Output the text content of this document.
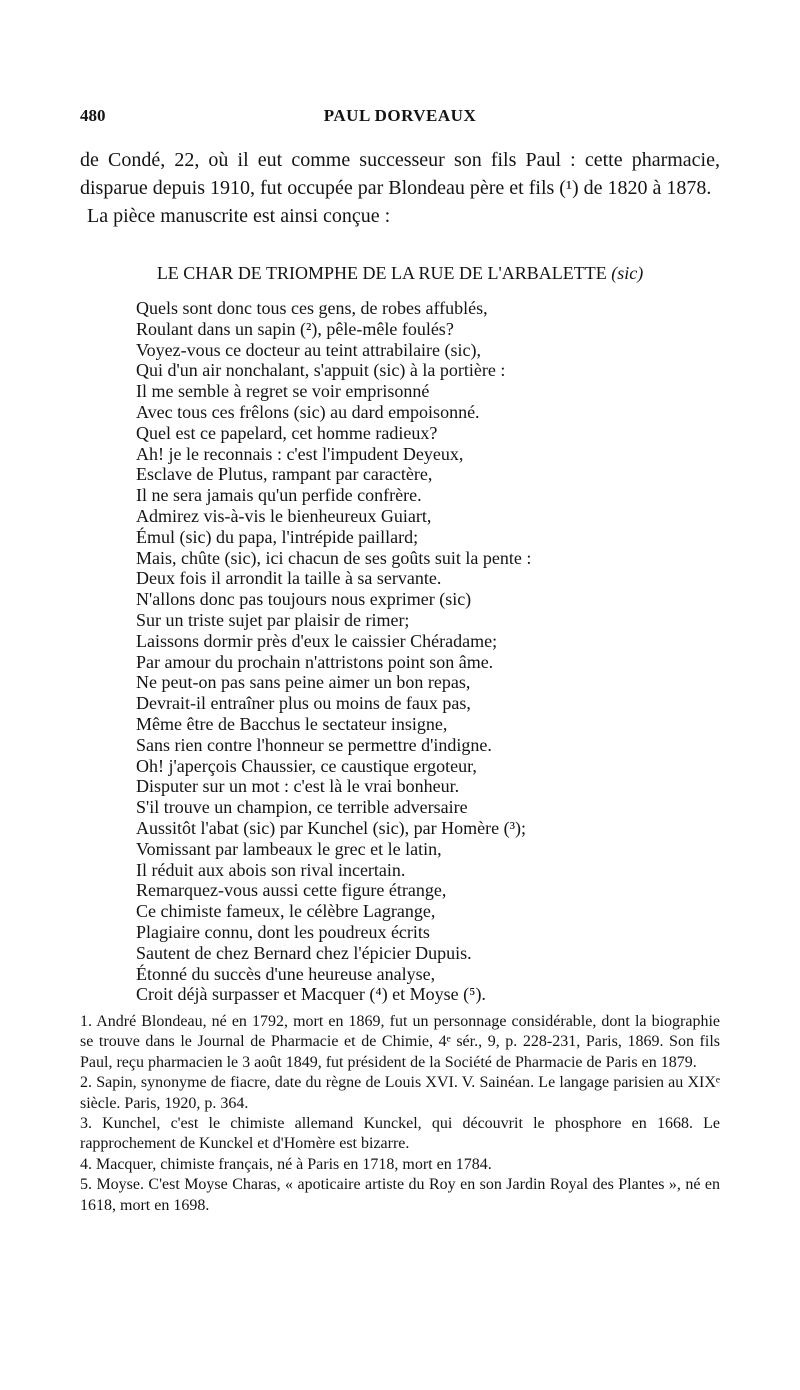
480	PAUL DORVEAUX

de Condé, 22, où il eut comme successeur son fils Paul : cette pharmacie, disparue depuis 1910, fut occupée par Blondeau père et fils (¹) de 1820 à 1878.

La pièce manuscrite est ainsi conçue :

LE CHAR DE TRIOMPHE DE LA RUE DE L'ARBALETTE (sic)
Quels sont donc tous ces gens, de robes affublés,
Roulant dans un sapin (²), pêle-mêle foulés?
Voyez-vous ce docteur au teint attrabilaire (sic),
Qui d'un air nonchalant, s'appuit (sic) à la portière :
Il me semble à regret se voir emprisonné
Avec tous ces frêlons (sic) au dard empoisonné.
Quel est ce papelard, cet homme radieux?
Ah! je le reconnais : c'est l'impudent Deyeux,
Esclave de Plutus, rampant par caractère,
Il ne sera jamais qu'un perfide confrère.
Admirez vis-à-vis le bienheureux Guiart,
Émul (sic) du papa, l'intrépide paillard;
Mais, chûte (sic), ici chacun de ses goûts suit la pente :
Deux fois il arrondit la taille à sa servante.
N'allons donc pas toujours nous exprimer (sic)
Sur un triste sujet par plaisir de rimer;
Laissons dormir près d'eux le caissier Chéradame;
Par amour du prochain n'attristons point son âme.
Ne peut-on pas sans peine aimer un bon repas,
Devrait-il entraîner plus ou moins de faux pas,
Même être de Bacchus le sectateur insigne,
Sans rien contre l'honneur se permettre d'indigne.
Oh! j'aperçois Chaussier, ce caustique ergoteur,
Disputer sur un mot : c'est là le vrai bonheur.
S'il trouve un champion, ce terrible adversaire
Aussitôt l'abat (sic) par Kunchel (sic), par Homère (³);
Vomissant par lambeaux le grec et le latin,
Il réduit aux abois son rival incertain.
Remarquez-vous aussi cette figure étrange,
Ce chimiste fameux, le célèbre Lagrange,
Plagiaire connu, dont les poudreux écrits
Sautent de chez Bernard chez l'épicier Dupuis.
Étonné du succès d'une heureuse analyse,
Croit déjà surpasser et Macquer (⁴) et Moyse (⁵).

1. André Blondeau, né en 1792, mort en 1869, fut un personnage considérable, dont la biographie se trouve dans le Journal de Pharmacie et de Chimie, 4ᵉ sér., 9, p. 228-231, Paris, 1869. Son fils Paul, reçu pharmacien le 3 août 1849, fut président de la Société de Pharmacie de Paris en 1879.

2. Sapin, synonyme de fiacre, date du règne de Louis XVI. V. Sainéan. Le langage parisien au XIXᵉ siècle. Paris, 1920, p. 364.

3. Kunchel, c'est le chimiste allemand Kunckel, qui découvrit le phosphore en 1668. Le rapprochement de Kunckel et d'Homère est bizarre.

4. Macquer, chimiste français, né à Paris en 1718, mort en 1784.

5. Moyse. C'est Moyse Charas, « apoticaire artiste du Roy en son Jardin Royal des Plantes », né en 1618, mort en 1698.
